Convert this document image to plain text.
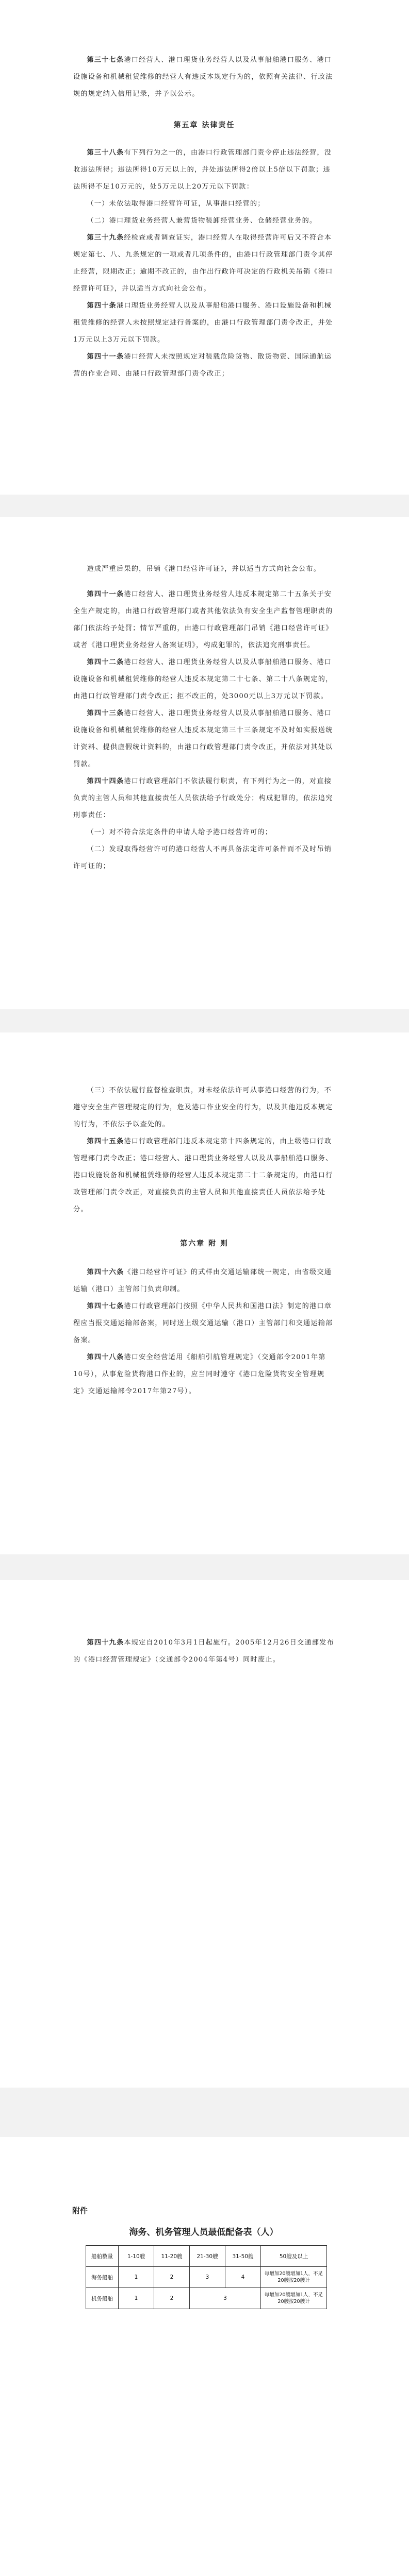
第三十七条港口经营人、港口理货业务经营人以及从事船舶港口服务、港口设施设备和机械租赁维修的经营人有违反本规定行为的，依照有关法律、行政法规的规定纳入信用记录，并予以公示。

第五章 法律责任

第三十八条有下列行为之一的，由港口行政管理部门责令停止违法经营，没收违法所得；违法所得10万元以上的，并处违法所得2倍以上5倍以下罚款；违法所得不足10万元的，处5万元以上20万元以下罚款：

（一）未依法取得港口经营许可证，从事港口经营的；

（二）港口理货业务经营人兼营货物装卸经营业务、仓储经营业务的。

第三十九条经检查或者调查证实，港口经营人在取得经营许可后又不符合本规定第七、八、九条规定的一项或者几项条件的，由港口行政管理部门责令其停止经营，限期改正；逾期不改正的，由作出行政许可决定的行政机关吊销《港口经营许可证》，并以适当方式向社会公布。

第四十条港口理货业务经营人以及从事船舶港口服务、港口设施设备和机械租赁维修的经营人未按照规定进行备案的，由港口行政管理部门责令改正，并处1万元以上3万元以下罚款。

第四十一条港口经营人未按照规定对装载危险货物、散货物资、国际通航运营的作业合同、由港口行政管理部门责令改正；

造成严重后果的，吊销《港口经营许可证》，并以适当方式向社会公布。

第四十一条港口经营人、港口理货业务经营人违反本规定第二十五条关于安全生产规定的，由港口行政管理部门或者其他依法负有安全生产监督管理职责的部门依法给予处罚；情节严重的，由港口行政管理部门吊销《港口经营许可证》或者《港口理货业务经营人备案证明》，构成犯罪的，依法追究刑事责任。

第四十二条港口经营人、港口理货业务经营人以及从事船舶港口服务、港口设施设备和机械租赁维修的经营人违反本规定第二十七条、第二十八条规定的，由港口行政管理部门责令改正；拒不改正的，处3000元以上3万元以下罚款。

第四十三条港口经营人、港口理货业务经营人以及从事船舶港口服务、港口设施设备和机械租赁维修的经营人违反本规定第三十三条规定不及时如实报送统计资料、提供虚假统计资料的，由港口行政管理部门责令改正，并依法对其处以罚款。

第四十四条港口行政管理部门不依法履行职责，有下列行为之一的，对直接负责的主管人员和其他直接责任人员依法给予行政处分；构成犯罪的，依法追究刑事责任：

（一）对不符合法定条件的申请人给予港口经营许可的；

（二）发现取得经营许可的港口经营人不再具备法定许可条件而不及时吊销许可证的；

（三）不依法履行监督检查职责，对未经依法许可从事港口经营的行为，不遵守安全生产管理规定的行为，危及港口作业安全的行为，以及其他违反本规定的行为，不依法予以查处的。

第四十五条港口行政管理部门违反本规定第十四条规定的，由上级港口行政管理部门责令改正；港口经营人、港口理货业务经营人以及从事船舶港口服务、港口设施设备和机械租赁维修的经营人违反本规定第二十二条规定的，由港口行政管理部门责令改正，对直接负责的主管人员和其他直接责任人员依法给予处分。

第六章 附 则

第四十六条《港口经营许可证》的式样由交通运输部统一规定，由省级交通运输（港口）主管部门负责印制。

第四十七条港口行政管理部门按照《中华人民共和国港口法》制定的港口章程应当报交通运输部备案，同时送上级交通运输（港口）主管部门和交通运输部备案。

第四十八条港口安全经营适用《船舶引航管理规定》（交通部令2001年第10号），从事危险货物港口作业的，应当同时遵守《港口危险货物安全管理规定》交通运输部令2017年第27号）。

第四十九条本规定自2010年3月1日起施行。2005年12月26日交通部发布的《港口经营管理规定》（交通部令2004年第4号）同时废止。

附件
海务、机务管理人员最低配备表（人）
船舶数量	1-10艘	11-20艘	21-30艘	31-50艘	50艘及以上
海务船舶	1	2	3	4	每增加20艘增加1人，不足20艘按20艘计
机务船舶	1	2	3		每增加20艘增加1人，不足20艘按20艘计
